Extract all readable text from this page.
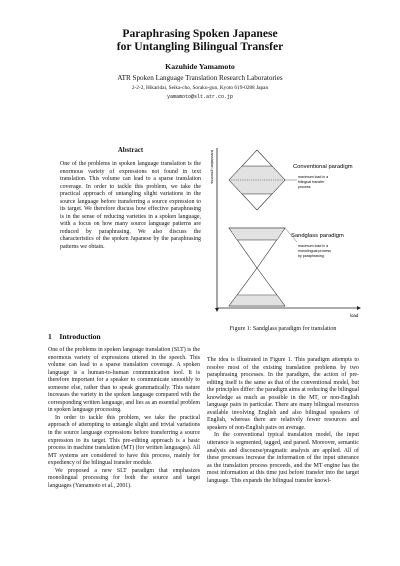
Paraphrasing Spoken Japanese
for Untangling Bilingual Transfer
Kazuhide Yamamoto
ATR Spoken Language Translation Research Laboratories
2-2-2, Hikaridai, Seika-cho, Soraku-gun, Kyoto 619-0288 Japan
yamamoto@slt.atr.co.jp
Abstract
One of the problems in spoken language translation is the enormous variety of expressions not found in text translation. This volume can lead to a sparse translation coverage. In order to tackle this problem, we take the practical approach of untangling slight variations in the source language before transferring a source expression to its target. We therefore discuss how effective paraphrasing is in the sense of reducing varieties in a spoken language, with a focus on how many source language patterns are reduced by paraphrasing. We also discuss the characteristics of the spoken Japanese by the paraphrasing patterns we obtain.
translation process
load
Conventional paradigm
maximum load in a
bilingual transfer
process
Sandglass paradigm
maximum load in a
monolingual process
by paraphrasing
Figure 1: Sandglass paradigm for translation
1    Introduction

One of the problems in spoken language translation (SLT) is the enormous variety of expressions uttered in the speech. This volume can lead to a sparse translation coverage. A spoken language is a human-to-human communication tool. It is therefore important for a speaker to communicate smoothly to someone else, rather than to speak grammatically. This nature increases the variety in the spoken language compared with the corresponding written language, and lies as an essential problem in spoken language processing.

In order to tackle this problem, we take the practical approach of attempting to untangle slight and trivial variations in the source language expressions before transferring a source expression to its target. This pre-editing approach is a basic process in machine translation (MT) (for written languages). All MT systems are considered to have this process, mainly for expediency of the bilingual transfer module.

We proposed a new SLT paradigm that emphasizes monolingual processing for both the source and target languages (Yamamoto et al., 2001).

The idea is illustrated in Figure 1. This paradigm attempts to resolve most of the existing translation problems by two paraphrasing processes. In the paradigm, the action of pre-editing itself is the same as that of the conventional model, but the principles differ: the paradigm aims at reducing the bilingual knowledge as much as possible in the MT, or non-English language pairs in particular. There are many bilingual resources available involving English and also bilingual speakers of English, whereas there are relatively fewer resources and speakers of non-English pairs on average.

In the conventional typical translation model, the input utterance is segmented, tagged, and parsed. Moreover, semantic analysis and discourse/pragmatic analysis are applied. All of these processes increase the information of the input utterance as the translation process proceeds, and the MT engine has the most information at this time just before transfer into the target language. This expands the bilingual transfer knowl-
